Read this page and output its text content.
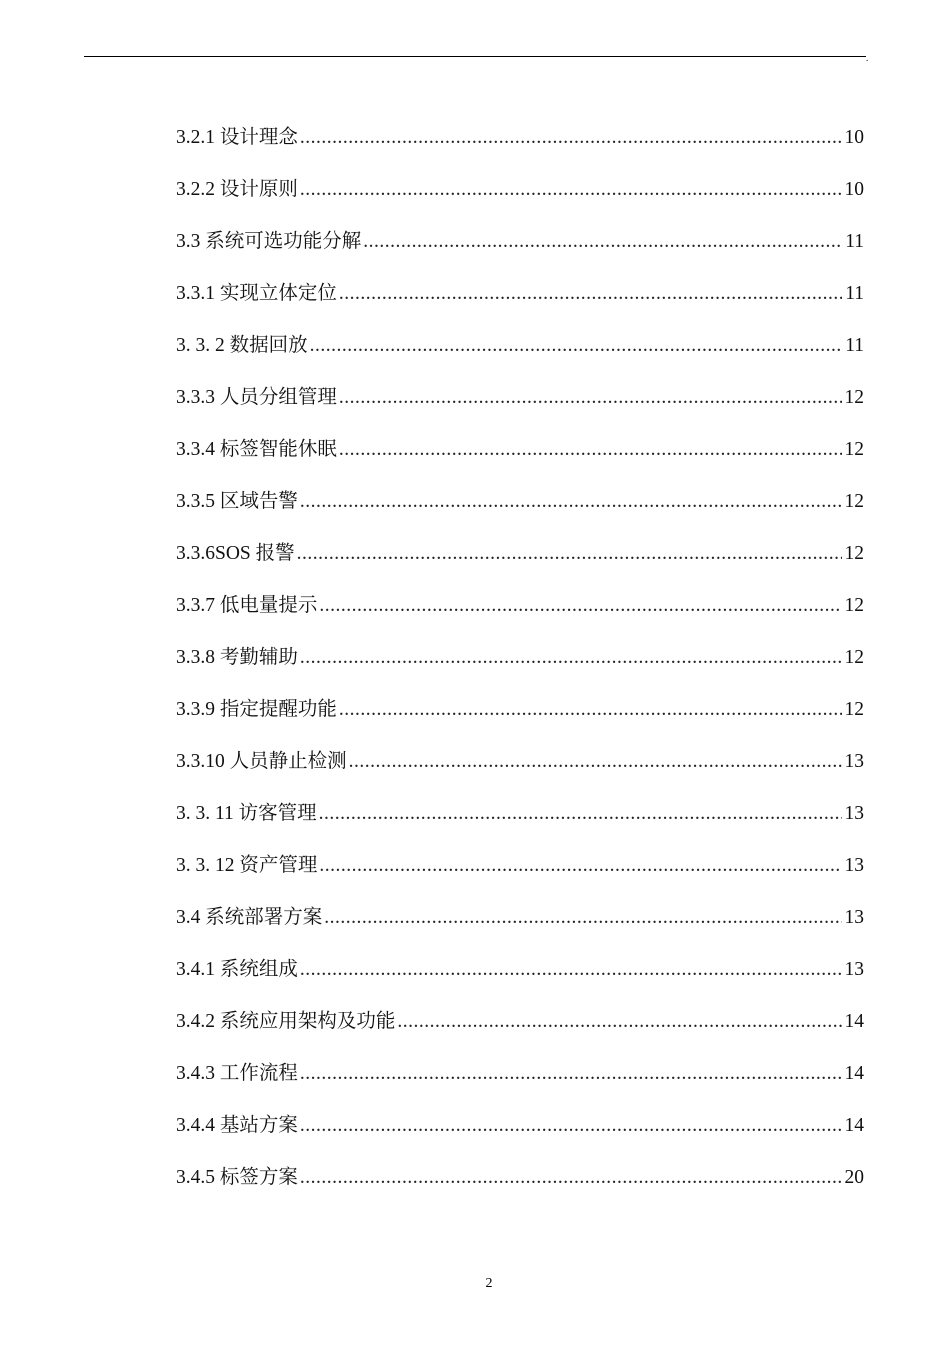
.
3.2.1 设计理念 .....	10
3.2.2 设计原则 .....	10
3.3 系统可选功能分解 .....	11
3.3.1 实现立体定位 .....	11
3. 3. 2 数据回放 .....	11
3.3.3 人员分组管理 .....	12
3.3.4 标签智能休眠 .....	12
3.3.5 区域告警 .....	12
3.3.6SOS 报警 .....	12
3.3.7 低电量提示 .....	12
3.3.8 考勤辅助 .....	12
3.3.9 指定提醒功能 .....	12
3.3.10 人员静止检测 .....	13
3. 3. 11 访客管理 .....	13
3. 3. 12 资产管理 .....	13
3.4 系统部署方案 .....	13
3.4.1 系统组成 .....	13
3.4.2 系统应用架构及功能 .....	14
3.4.3 工作流程 .....	14
3.4.4 基站方案 .....	14
3.4.5 标签方案 .....	20
2
